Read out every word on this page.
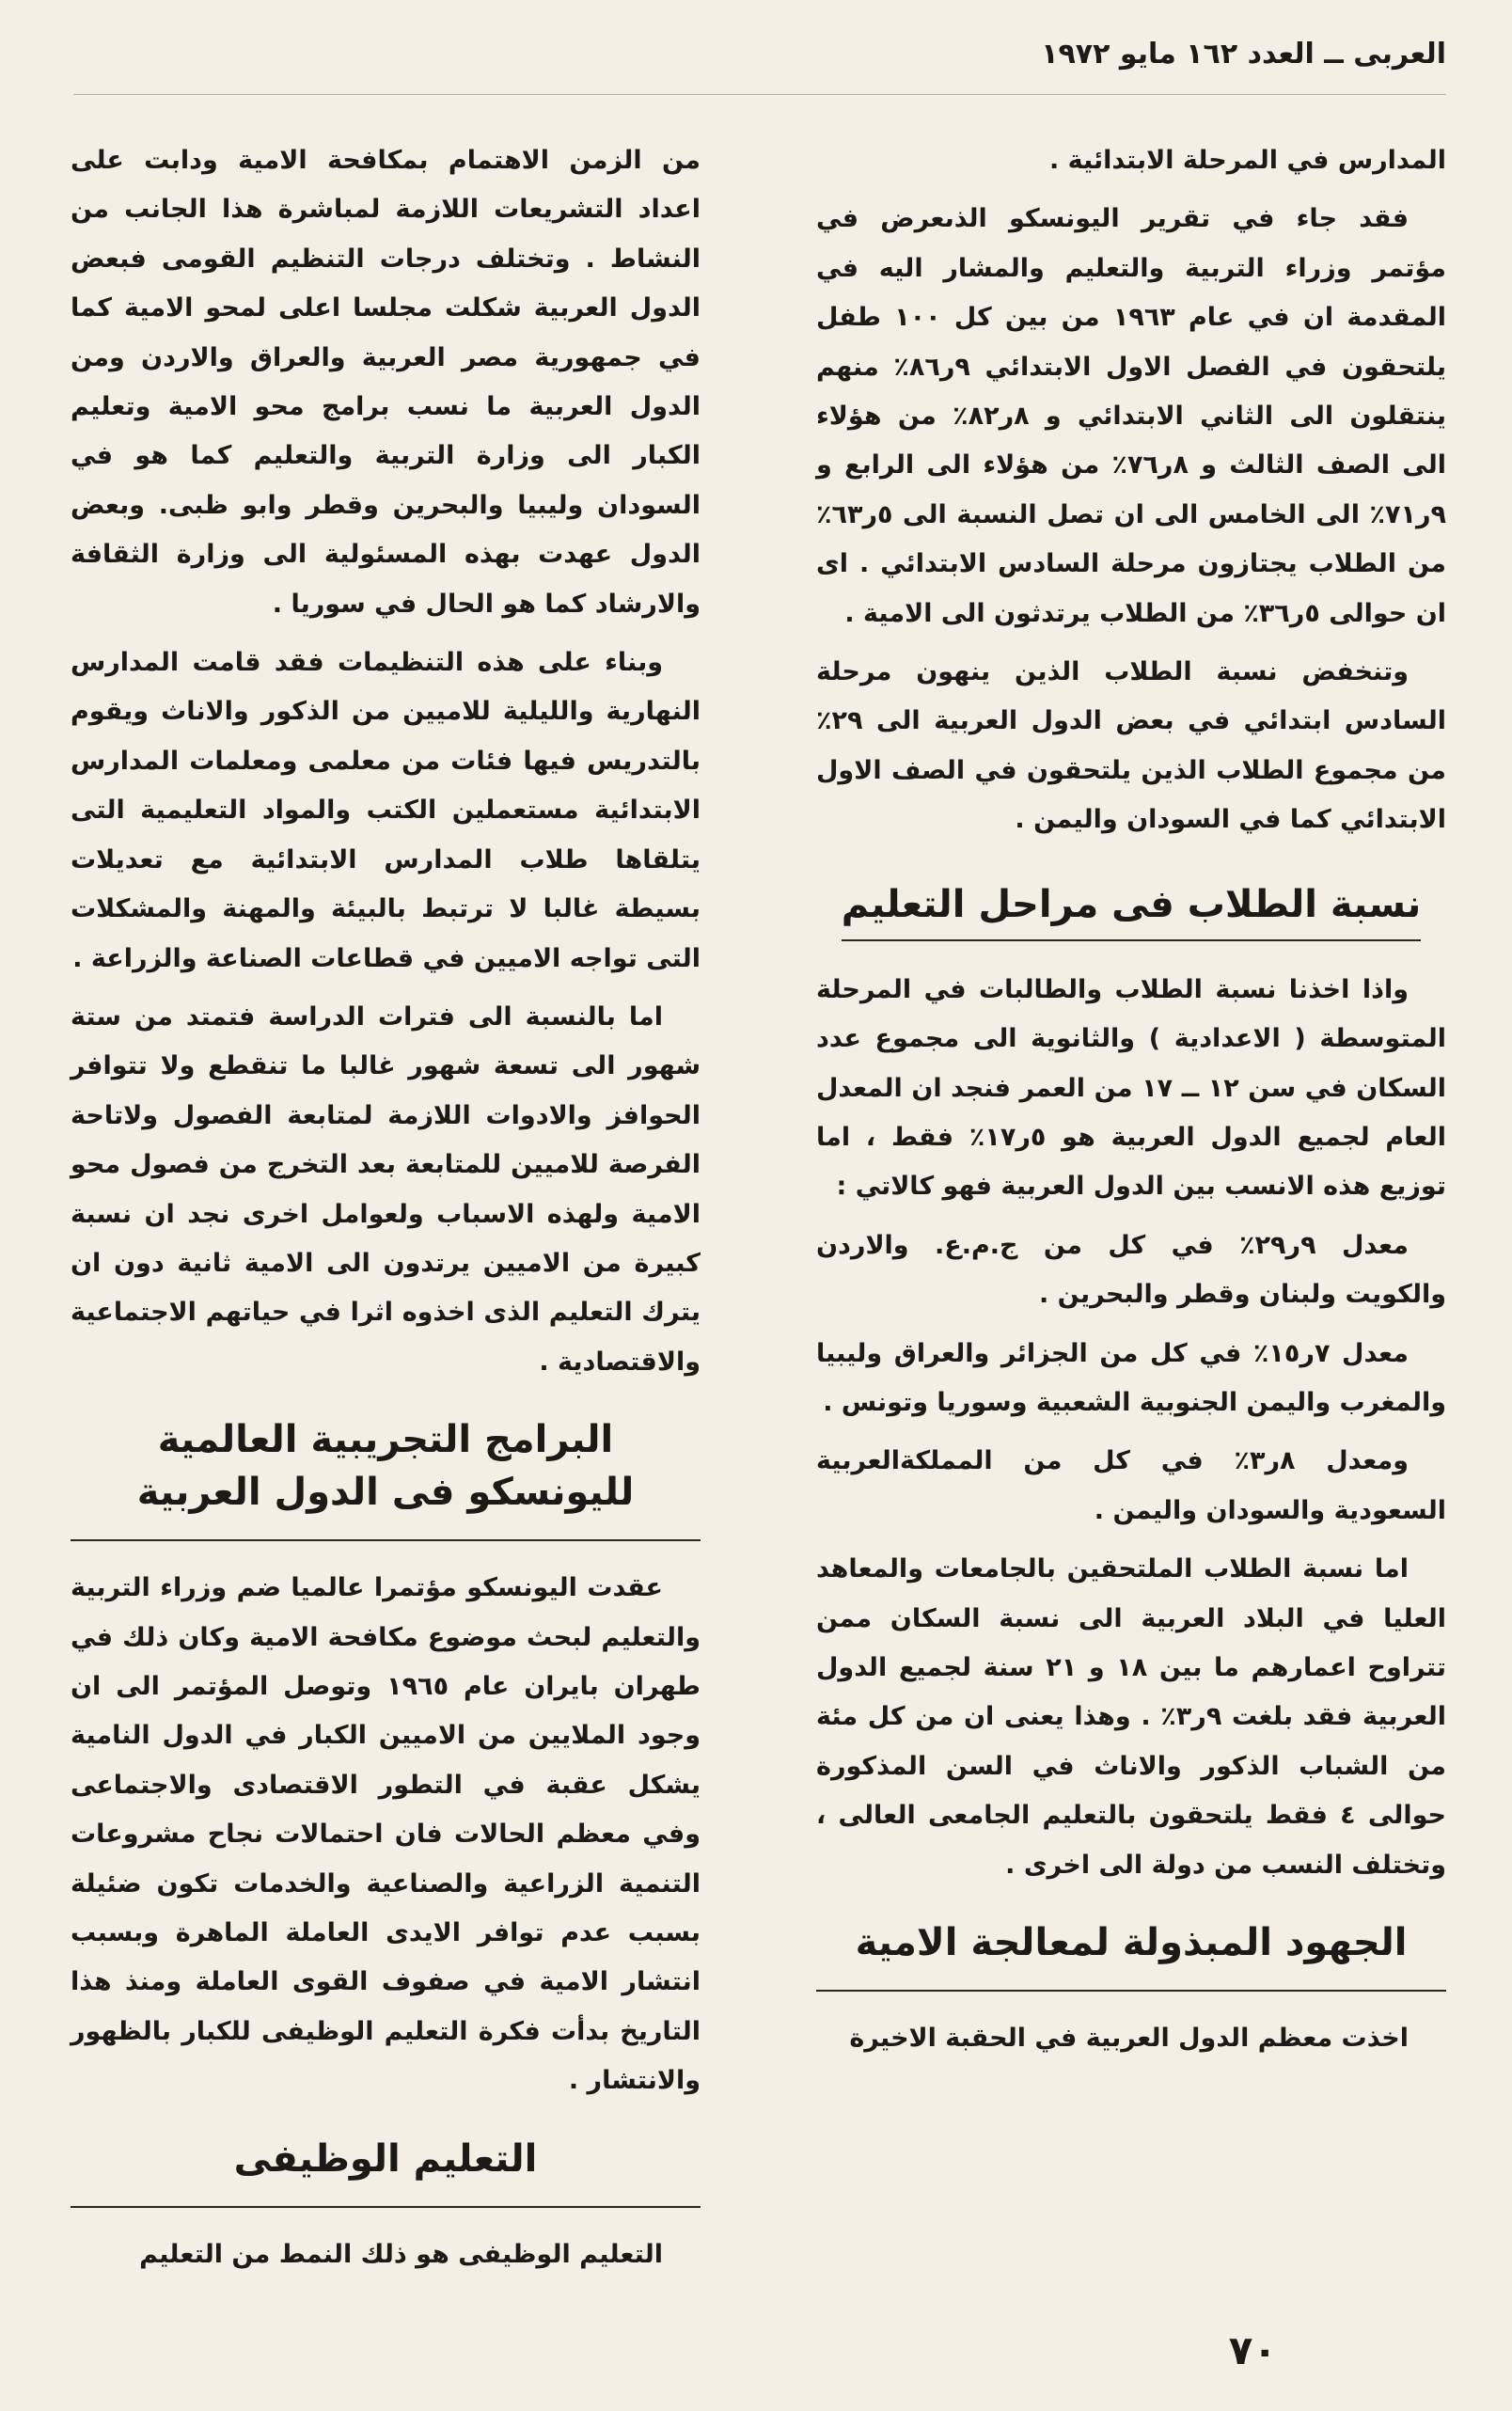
العربى ــ العدد ١٦٢ مايو ١٩٧٢

المدارس في المرحلة الابتدائية .

فقد جاء في تقرير اليونسكو الذىعرض في مؤتمر وزراء التربية والتعليم والمشار اليه في المقدمة ان في عام ١٩٦٣ من بين كل ١٠٠ طفل يلتحقون في الفصل الاول الابتدائي ٩ر٨٦٪ منهم ينتقلون الى الثاني الابتدائي و ٨ر٨٢٪ من هؤلاء الى الصف الثالث و ٨ر٧٦٪ من هؤلاء الى الرابع و ٩ر٧١٪ الى الخامس الى ان تصل النسبة الى ٥ر٦٣٪ من الطلاب يجتازون مرحلة السادس الابتدائي . اى ان حوالى ٥ر٣٦٪ من الطلاب يرتدثون الى الامية .

وتنخفض نسبة الطلاب الذين ينهون مرحلة السادس ابتدائي في بعض الدول العربية الى ٢٩٪ من مجموع الطلاب الذين يلتحقون في الصف الاول الابتدائي كما في السودان واليمن .

نسبة الطلاب فى مراحل التعليم

واذا اخذنا نسبة الطلاب والطالبات في المرحلة المتوسطة ( الاعدادية ) والثانوية الى مجموع عدد السكان في سن ١٢ ــ ١٧ من العمر فنجد ان المعدل العام لجميع الدول العربية هو ٥ر١٧٪ فقط ، اما توزيع هذه الانسب بين الدول العربية فهو كالاتي :

معدل ٩ر٢٩٪ في كل من ج.م.ع. والاردن والكويت ولبنان وقطر والبحرين .

معدل ٧ر١٥٪ في كل من الجزائر والعراق وليبيا والمغرب واليمن الجنوبية الشعبية وسوريا وتونس .

ومعدل ٨ر٣٪ في كل من المملكةالعربية السعودية والسودان واليمن .

اما نسبة الطلاب الملتحقين بالجامعات والمعاهد العليا في البلاد العربية الى نسبة السكان ممن تتراوح اعمارهم ما بين ١٨ و ٢١ سنة لجميع الدول العربية فقد بلغت ٩ر٣٪ . وهذا يعنى ان من كل مئة من الشباب الذكور والاناث في السن المذكورة حوالى ٤ فقط يلتحقون بالتعليم الجامعى العالى ، وتختلف النسب من دولة الى اخرى .

الجهود المبذولة لمعالجة الامية

اخذت معظم الدول العربية في الحقبة الاخيرة

من الزمن الاهتمام بمكافحة الامية ودابت على اعداد التشريعات اللازمة لمباشرة هذا الجانب من النشاط . وتختلف درجات التنظيم القومى فبعض الدول العربية شكلت مجلسا اعلى لمحو الامية كما في جمهورية مصر العربية والعراق والاردن ومن الدول العربية ما نسب برامج محو الامية وتعليم الكبار الى وزارة التربية والتعليم كما هو في السودان وليبيا والبحرين وقطر وابو ظبى. وبعض الدول عهدت بهذه المسئولية الى وزارة الثقافة والارشاد كما هو الحال في سوريا .

وبناء على هذه التنظيمات فقد قامت المدارس النهارية والليلية للاميين من الذكور والاناث ويقوم بالتدريس فيها فئات من معلمى ومعلمات المدارس الابتدائية مستعملين الكتب والمواد التعليمية التى يتلقاها طلاب المدارس الابتدائية مع تعديلات بسيطة غالبا لا ترتبط بالبيئة والمهنة والمشكلات التى تواجه الاميين في قطاعات الصناعة والزراعة .

اما بالنسبة الى فترات الدراسة فتمتد من ستة شهور الى تسعة شهور غالبا ما تنقطع ولا تتوافر الحوافز والادوات اللازمة لمتابعة الفصول ولاتاحة الفرصة للاميين للمتابعة بعد التخرج من فصول محو الامية ولهذه الاسباب ولعوامل اخرى نجد ان نسبة كبيرة من الاميين يرتدون الى الامية ثانية دون ان يترك التعليم الذى اخذوه اثرا في حياتهم الاجتماعية والاقتصادية .

البرامج التجريبية العالمية لليونسكو فى الدول العربية

عقدت اليونسكو مؤتمرا عالميا ضم وزراء التربية والتعليم لبحث موضوع مكافحة الامية وكان ذلك في طهران بايران عام ١٩٦٥ وتوصل المؤتمر الى ان وجود الملايين من الاميين الكبار في الدول النامية يشكل عقبة في التطور الاقتصادى والاجتماعى وفي معظم الحالات فان احتمالات نجاح مشروعات التنمية الزراعية والصناعية والخدمات تكون ضئيلة بسبب عدم توافر الايدى العاملة الماهرة وبسبب انتشار الامية في صفوف القوى العاملة ومنذ هذا التاريخ بدأت فكرة التعليم الوظيفى للكبار بالظهور والانتشار .

التعليم الوظيفى

التعليم الوظيفى هو ذلك النمط من التعليم

٧٠
